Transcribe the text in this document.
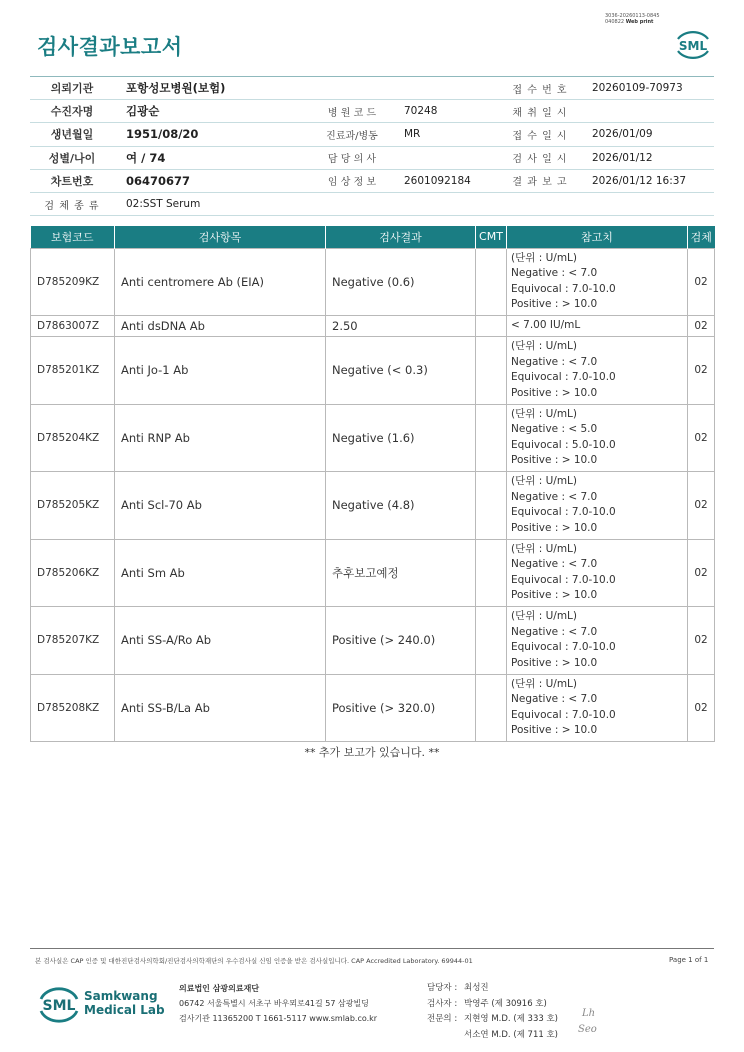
3036-20260113-0845
040822 Web print
검사결과보고서	SML
의뢰기관	포항성모병원(보험)			접 수 번 호	20260109-70973
수진자명	김광순	병 원 코 드	70248	채 취 일 시	
생년월일	1951/08/20	진료과/병동	MR	접 수 일 시	2026/01/09
성별/나이	여 / 74	담 당 의 사		검 사 일 시	2026/01/12
차트번호	06470677	임 상 정 보	2601092184	결 과 보 고	2026/01/12 16:37
검 체 종 류	02:SST Serum				
보험코드	검사항목	검사결과	CMT	참고치	검체
D785209KZ	Anti centromere Ab (EIA)	Negative (0.6)		(단위 : U/mL)
Negative : < 7.0
Equivocal : 7.0-10.0
Positive : > 10.0	02
D7863007Z	Anti dsDNA Ab	2.50		< 7.00 IU/mL	02
D785201KZ	Anti Jo-1 Ab	Negative (< 0.3)		(단위 : U/mL)
Negative : < 7.0
Equivocal : 7.0-10.0
Positive : > 10.0	02
D785204KZ	Anti RNP Ab	Negative (1.6)		(단위 : U/mL)
Negative : < 5.0
Equivocal : 5.0-10.0
Positive : > 10.0	02
D785205KZ	Anti Scl-70 Ab	Negative (4.8)		(단위 : U/mL)
Negative : < 7.0
Equivocal : 7.0-10.0
Positive : > 10.0	02
D785206KZ	Anti Sm Ab	추후보고예정		(단위 : U/mL)
Negative : < 7.0
Equivocal : 7.0-10.0
Positive : > 10.0	02
D785207KZ	Anti SS-A/Ro Ab	Positive (> 240.0)		(단위 : U/mL)
Negative : < 7.0
Equivocal : 7.0-10.0
Positive : > 10.0	02
D785208KZ	Anti SS-B/La Ab	Positive (> 320.0)		(단위 : U/mL)
Negative : < 7.0
Equivocal : 7.0-10.0
Positive : > 10.0	02
** 추가 보고가 있습니다. **
본 검사실은 CAP 인증 및 대한진단검사의학회/진단검사의학재단의 우수검사실 신임 인증을 받은 검사실입니다. CAP Accredited Laboratory. 69944-01	Page 1 of 1
SML
Samkwang
Medical Lab
의료법인 삼광의료재단
06742 서울특별시 서초구 바우뫼로41길 57 삼광빌딩
검사기관 11365200 T 1661-5117 www.smlab.co.kr
담당자 : 최성진
검사자 : 박영주 (제 30916 호)
전문의 : 지현영 M.D. (제 333 호)
서소연 M.D. (제 711 호)
Lh
Seo
